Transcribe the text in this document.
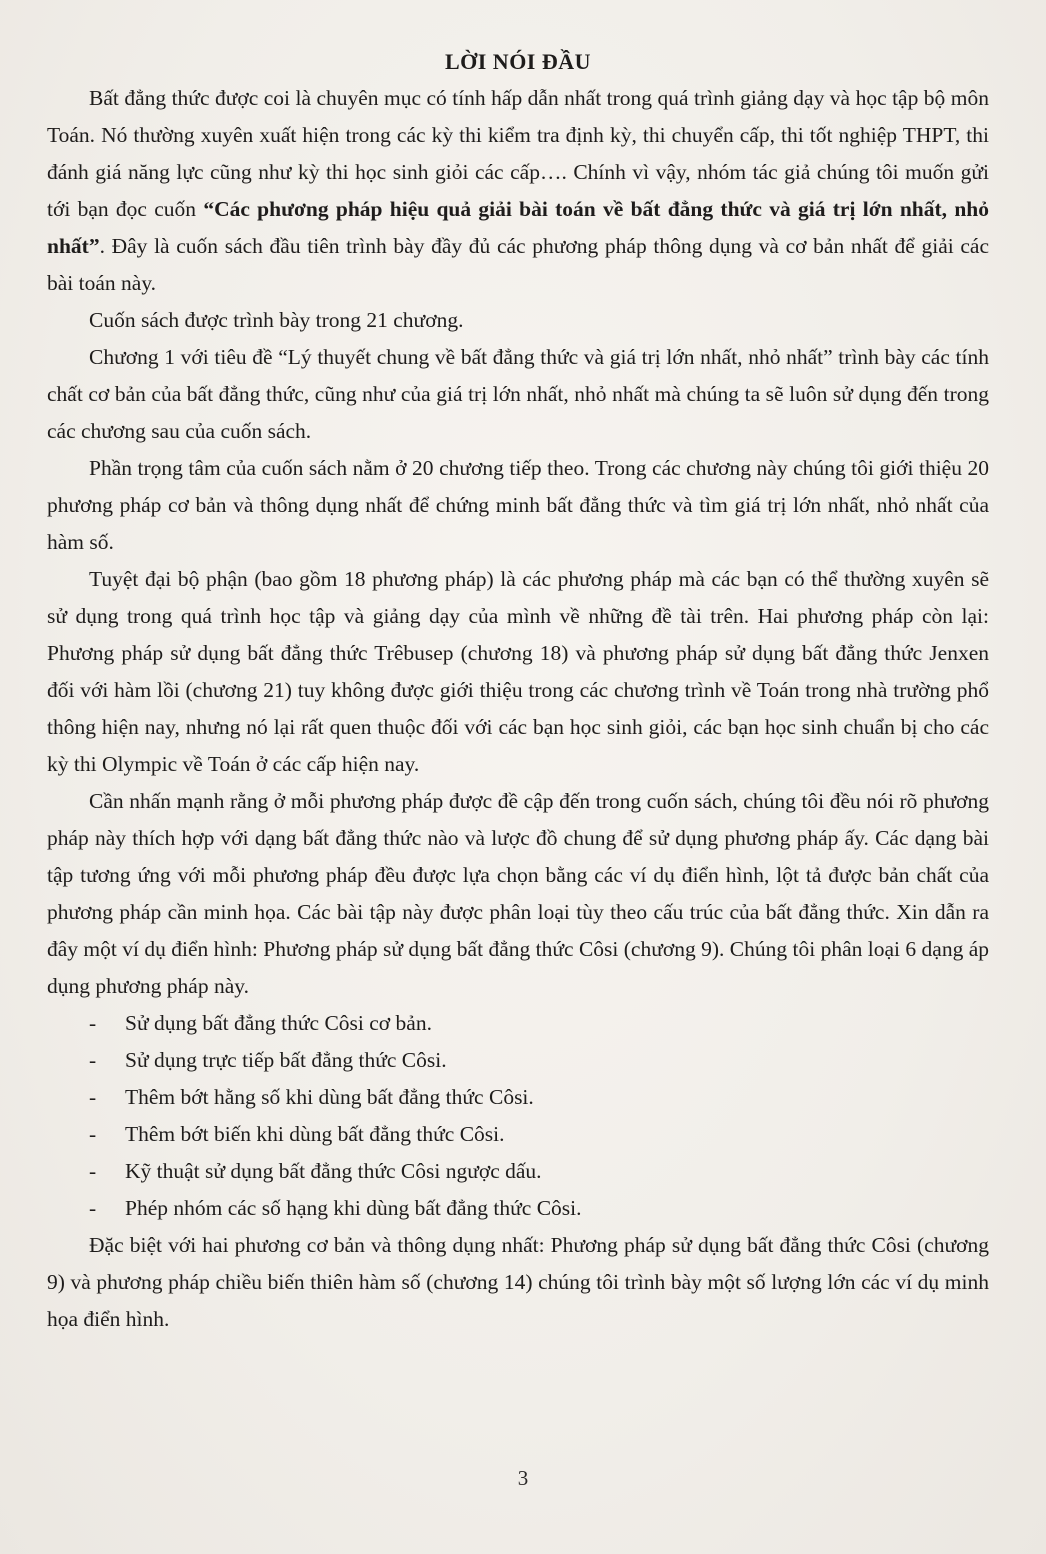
LỜI NÓI ĐẦU

Bất đẳng thức được coi là chuyên mục có tính hấp dẫn nhất trong quá trình giảng dạy và học tập bộ môn Toán. Nó thường xuyên xuất hiện trong các kỳ thi kiểm tra định kỳ, thi chuyển cấp, thi tốt nghiệp THPT, thi đánh giá năng lực cũng như kỳ thi học sinh giỏi các cấp…. Chính vì vậy, nhóm tác giả chúng tôi muốn gửi tới bạn đọc cuốn “Các phương pháp hiệu quả giải bài toán về bất đẳng thức và giá trị lớn nhất, nhỏ nhất”. Đây là cuốn sách đầu tiên trình bày đầy đủ các phương pháp thông dụng và cơ bản nhất để giải các bài toán này.

Cuốn sách được trình bày trong 21 chương.

Chương 1 với tiêu đề “Lý thuyết chung về bất đẳng thức và giá trị lớn nhất, nhỏ nhất” trình bày các tính chất cơ bản của bất đẳng thức, cũng như của giá trị lớn nhất, nhỏ nhất mà chúng ta sẽ luôn sử dụng đến trong các chương sau của cuốn sách.

Phần trọng tâm của cuốn sách nằm ở 20 chương tiếp theo. Trong các chương này chúng tôi giới thiệu 20 phương pháp cơ bản và thông dụng nhất để chứng minh bất đẳng thức và tìm giá trị lớn nhất, nhỏ nhất của hàm số.

Tuyệt đại bộ phận (bao gồm 18 phương pháp) là các phương pháp mà các bạn có thể thường xuyên sẽ sử dụng trong quá trình học tập và giảng dạy của mình về những đề tài trên. Hai phương pháp còn lại: Phương pháp sử dụng bất đẳng thức Trêbusep (chương 18) và phương pháp sử dụng bất đẳng thức Jenxen đối với hàm lồi (chương 21) tuy không được giới thiệu trong các chương trình về Toán trong nhà trường phổ thông hiện nay, nhưng nó lại rất quen thuộc đối với các bạn học sinh giỏi, các bạn học sinh chuẩn bị cho các kỳ thi Olympic về Toán ở các cấp hiện nay.

Cần nhấn mạnh rằng ở mỗi phương pháp được đề cập đến trong cuốn sách, chúng tôi đều nói rõ phương pháp này thích hợp với dạng bất đẳng thức nào và lược đồ chung để sử dụng phương pháp ấy. Các dạng bài tập tương ứng với mỗi phương pháp đều được lựa chọn bằng các ví dụ điển hình, lột tả được bản chất của phương pháp cần minh họa. Các bài tập này được phân loại tùy theo cấu trúc của bất đẳng thức. Xin dẫn ra đây một ví dụ điển hình: Phương pháp sử dụng bất đẳng thức Côsi (chương 9). Chúng tôi phân loại 6 dạng áp dụng phương pháp này.

- Sử dụng bất đẳng thức Côsi cơ bản.
- Sử dụng trực tiếp bất đẳng thức Côsi.
- Thêm bớt hằng số khi dùng bất đẳng thức Côsi.
- Thêm bớt biến khi dùng bất đẳng thức Côsi.
- Kỹ thuật sử dụng bất đẳng thức Côsi ngược dấu.
- Phép nhóm các số hạng khi dùng bất đẳng thức Côsi.

Đặc biệt với hai phương cơ bản và thông dụng nhất: Phương pháp sử dụng bất đẳng thức Côsi (chương 9) và phương pháp chiều biến thiên hàm số (chương 14) chúng tôi trình bày một số lượng lớn các ví dụ minh họa điển hình.

3
